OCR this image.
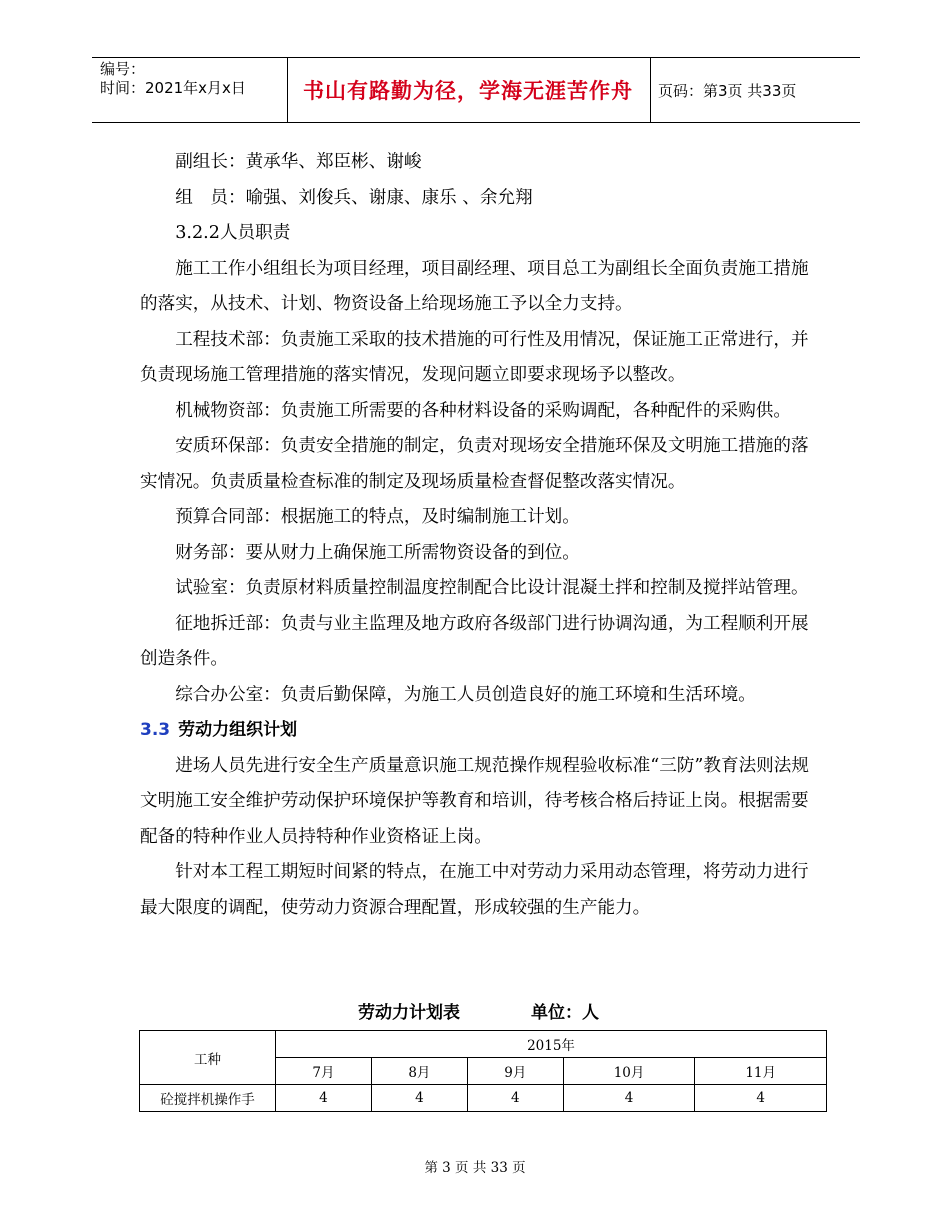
编号：
时间：2021年x月x日	书山有路勤为径，学海无涯苦作舟	页码：第3页 共33页

副组长：黄承华、郑臣彬、谢峻

组　员：喻强、刘俊兵、谢康、康乐 、余允翔

3.2.2人员职责

施工工作小组组长为项目经理，项目副经理、项目总工为副组长全面负责施工措施的落实，从技术、计划、物资设备上给现场施工予以全力支持。

工程技术部：负责施工采取的技术措施的可行性及用情况，保证施工正常进行，并负责现场施工管理措施的落实情况，发现问题立即要求现场予以整改。

机械物资部：负责施工所需要的各种材料设备的采购调配，各种配件的采购供。

安质环保部：负责安全措施的制定，负责对现场安全措施环保及文明施工措施的落实情况。负责质量检查标准的制定及现场质量检查督促整改落实情况。

预算合同部：根据施工的特点，及时编制施工计划。

财务部：要从财力上确保施工所需物资设备的到位。

试验室：负责原材料质量控制温度控制配合比设计混凝土拌和控制及搅拌站管理。

征地拆迁部：负责与业主监理及地方政府各级部门进行协调沟通，为工程顺利开展创造条件。

综合办公室：负责后勤保障，为施工人员创造良好的施工环境和生活环境。

3.3 劳动力组织计划

进场人员先进行安全生产质量意识施工规范操作规程验收标准“三防”教育法则法规文明施工安全维护劳动保护环境保护等教育和培训，待考核合格后持证上岗。根据需要配备的特种作业人员持特种作业资格证上岗。

针对本工程工期短时间紧的特点，在施工中对劳动力采用动态管理，将劳动力进行最大限度的调配，使劳动力资源合理配置，形成较强的生产能力。

劳动力计划表	单位：人
工种	2015年				
	7月	8月	9月	10月	11月
砼搅拌机操作手	4	4	4	4	4
第 3 页 共 33 页
